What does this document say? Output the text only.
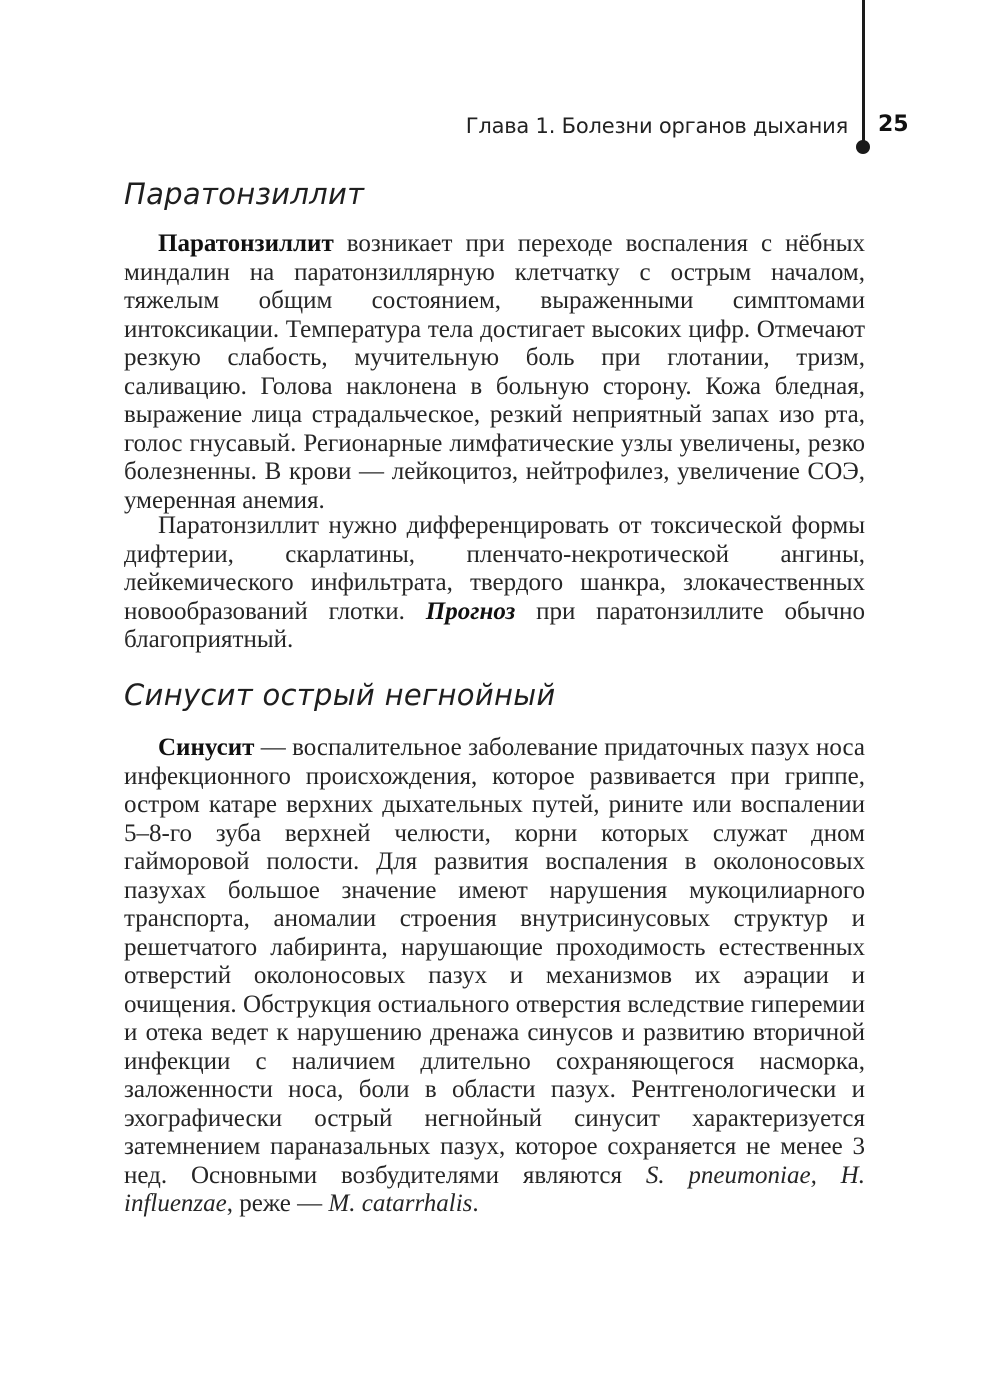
Глава 1. Болезни органов дыхания 25
Паратонзиллит

Паратонзиллит возникает при переходе воспаления с нёбных миндалин на паратонзиллярную клетчатку с острым началом, тяжелым общим состоянием, выраженными симптомами интоксикации. Температура тела достигает высоких цифр. Отмечают резкую слабость, мучительную боль при глотании, тризм, саливацию. Голова наклонена в больную сторону. Кожа бледная, выражение лица страдальческое, резкий неприятный запах изо рта, голос гнусавый. Регионарные лимфатические узлы увеличены, резко болезненны. В крови — лейкоцитоз, нейтрофилез, увеличение СОЭ, умеренная анемия.

Паратонзиллит нужно дифференцировать от токсической формы дифтерии, скарлатины, пленчато-некротической ангины, лейкемического инфильтрата, твердого шанкра, злокачественных новообразований глотки. Прогноз при паратонзиллите обычно благоприятный.

Синусит острый негнойный

Синусит — воспалительное заболевание придаточных пазух носа инфекционного происхождения, которое развивается при гриппе, остром катаре верхних дыхательных путей, рините или воспалении 5–8-го зуба верхней челюсти, корни которых служат дном гайморовой полости. Для развития воспаления в околоносовых пазухах большое значение имеют нарушения мукоцилиарного транспорта, аномалии строения внутрисинусовых структур и решетчатого лабиринта, нарушающие проходимость естественных отверстий околоносовых пазух и механизмов их аэрации и очищения. Обструкция остиального отверстия вследствие гиперемии и отека ведет к нарушению дренажа синусов и развитию вторичной инфекции с наличием длительно сохраняющегося насморка, заложенности носа, боли в области пазух. Рентгенологически и эхографически острый негнойный синусит характеризуется затемнением параназальных пазух, которое сохраняется не менее 3 нед. Основными возбудителями являются S. pneumoniae, H. influenzae, реже — M. catarrhalis.
